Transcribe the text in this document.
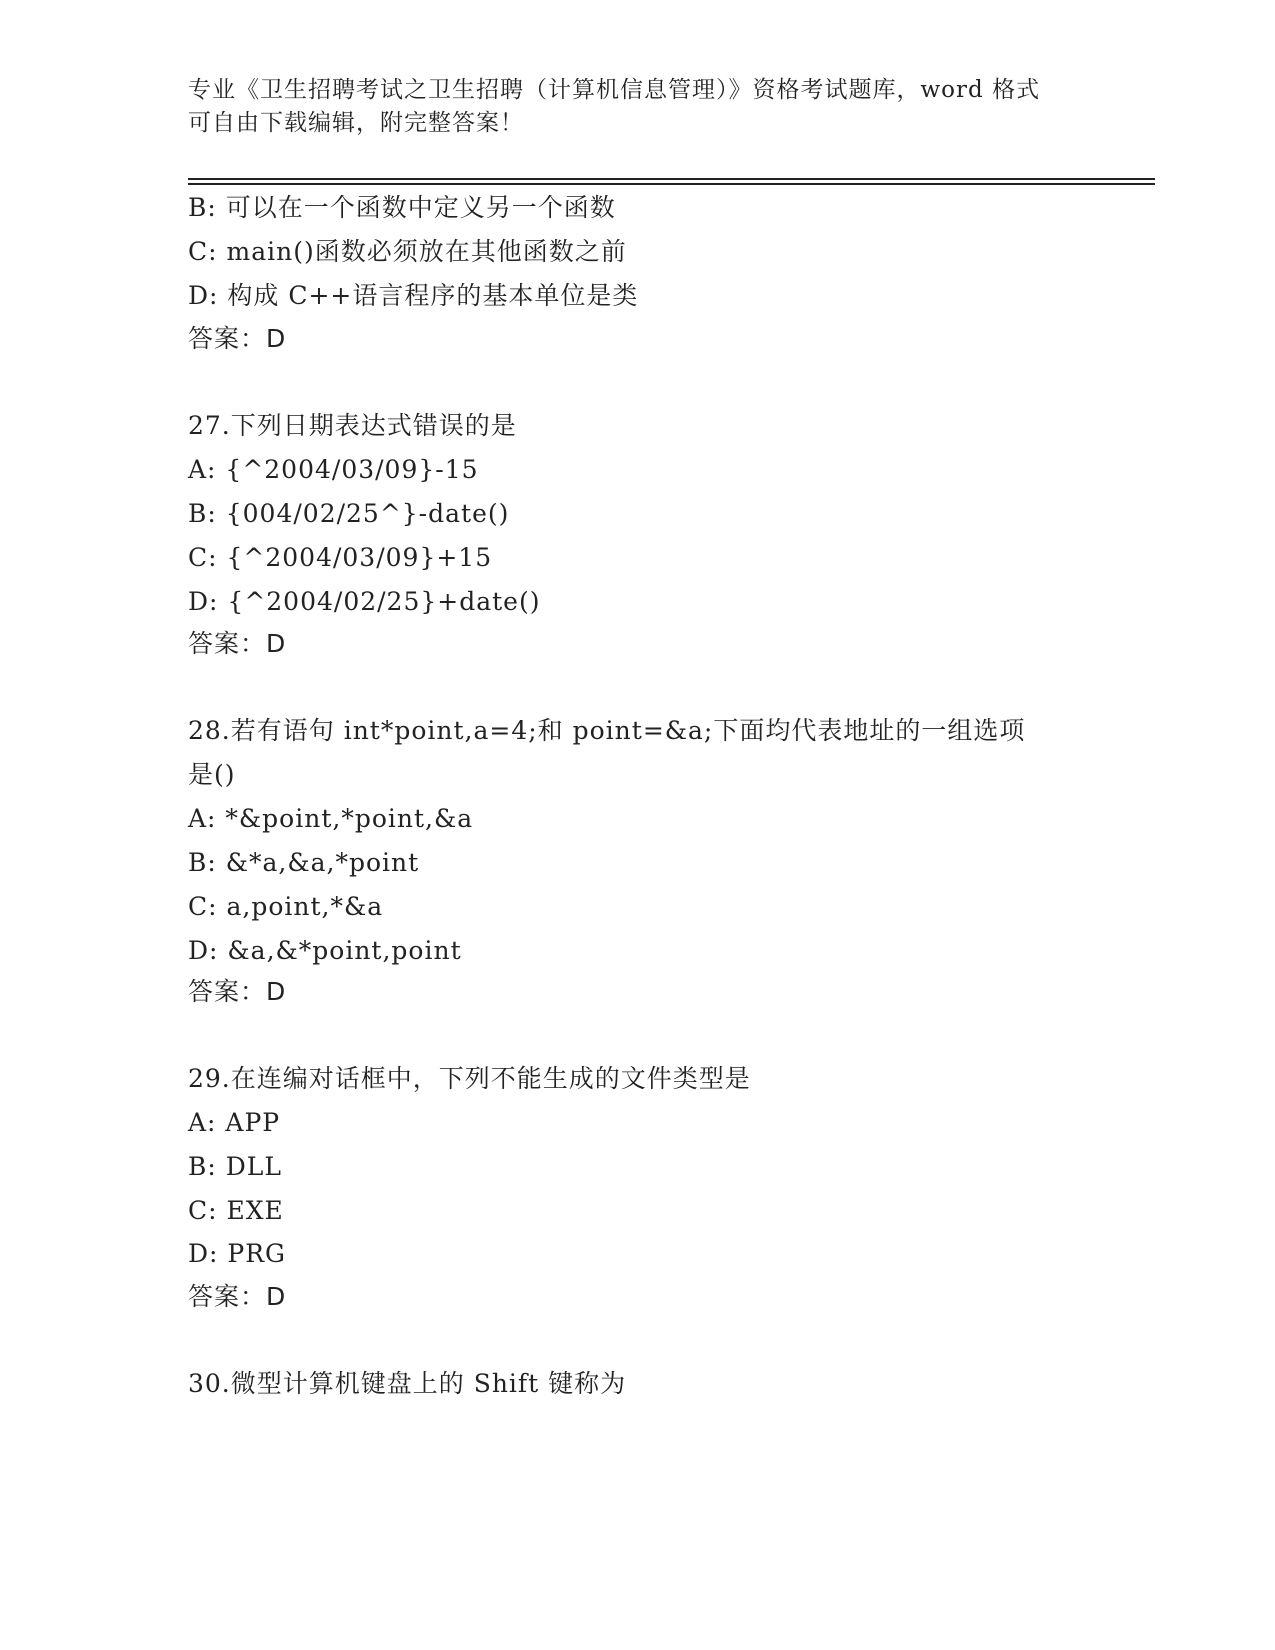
专业《卫生招聘考试之卫生招聘（计算机信息管理）》资格考试题库，word 格式
可自由下载编辑，附完整答案！
B: 可以在一个函数中定义另一个函数
C: main()函数必须放在其他函数之前
D: 构成 C++语言程序的基本单位是类
答案：D
27.下列日期表达式错误的是
A: {^2004/03/09}-15
B: {004/02/25^}-date()
C: {^2004/03/09}+15
D: {^2004/02/25}+date()
答案：D
28.若有语句 int*point,a=4;和 point=&a;下面均代表地址的一组选项
是()
A: *&point,*point,&a
B: &*a,&a,*point
C: a,point,*&a
D: &a,&*point,point
答案：D
29.在连编对话框中，下列不能生成的文件类型是
A: APP
B: DLL
C: EXE
D: PRG
答案：D
30.微型计算机键盘上的 Shift 键称为
